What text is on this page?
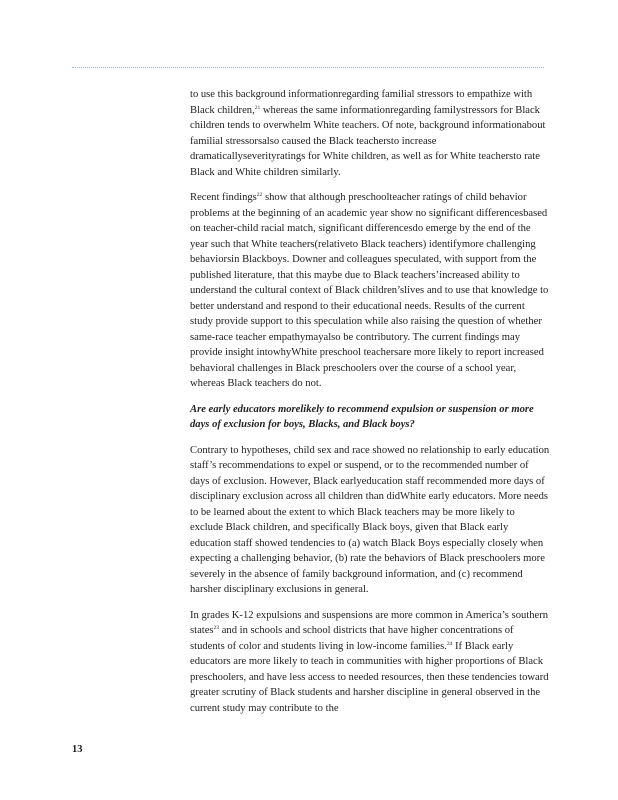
to use this background informationregarding familial stressors to empathize with Black children,$^{21}$ whereas the same informationregarding familystressors for Black children tends to overwhelm White teachers. Of note, background informationabout familial stressorsalso caused the Black teachersto increase dramaticallyseverityratings for White children, as well as for White teachersto rate Black and White children similarly.

Recent findings$^{22}$ show that although preschoolteacher ratings of child behavior problems at the beginning of an academic year show no significant differencesbased on teacher-child racial match, significant differencesdo emerge by the end of the year such that White teachers(relativeto Black teachers) identifymore challenging behaviorsin Blackboys. Downer and colleagues speculated, with support from the published literature, that this maybe due to Black teachers’increased ability to understand the cultural context of Black children’slives and to use that knowledge to better understand and respond to their educational needs. Results of the current study provide support to this speculation while also raising the question of whether same-race teacher empathymayalso be contributory. The current findings may provide insight intowhyWhite preschool teachersare more likely to report increased behavioral challenges in Black preschoolers over the course of a school year, whereas Black teachers do not.

Are early educators morelikely to recommend expulsion or suspension or more days of exclusion for boys, Blacks, and Black boys?

Contrary to hypotheses, child sex and race showed no relationship to early education staff’s recommendations to expel or suspend, or to the recommended number of days of exclusion. However, Black earlyeducation staff recommended more days of disciplinary exclusion across all children than didWhite early educators. More needs to be learned about the extent to which Black teachers may be more likely to exclude Black children, and specifically Black boys, given that Black early education staff showed tendencies to (a) watch Black Boys especially closely when expecting a challenging behavior, (b) rate the behaviors of Black preschoolers more severely in the absence of family background information, and (c) recommend harsher disciplinary exclusions in general.

In grades K-12 expulsions and suspensions are more common in America’s southern states$^{23}$ and in schools and school districts that have higher concentrations of students of color and students living in low-income families.$^{24}$ If Black early educators are more likely to teach in communities with higher proportions of Black preschoolers, and have less access to needed resources, then these tendencies toward greater scrutiny of Black students and harsher discipline in general observed in the current study may contribute to the

13
